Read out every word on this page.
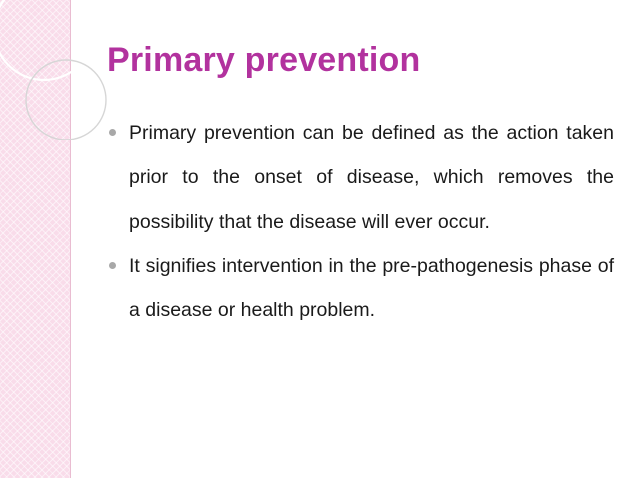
Primary prevention
Primary prevention can be defined as the action taken prior to the onset of disease, which removes the possibility that the disease will ever occur.
It signifies intervention in the pre-pathogenesis phase of a disease or health problem.
